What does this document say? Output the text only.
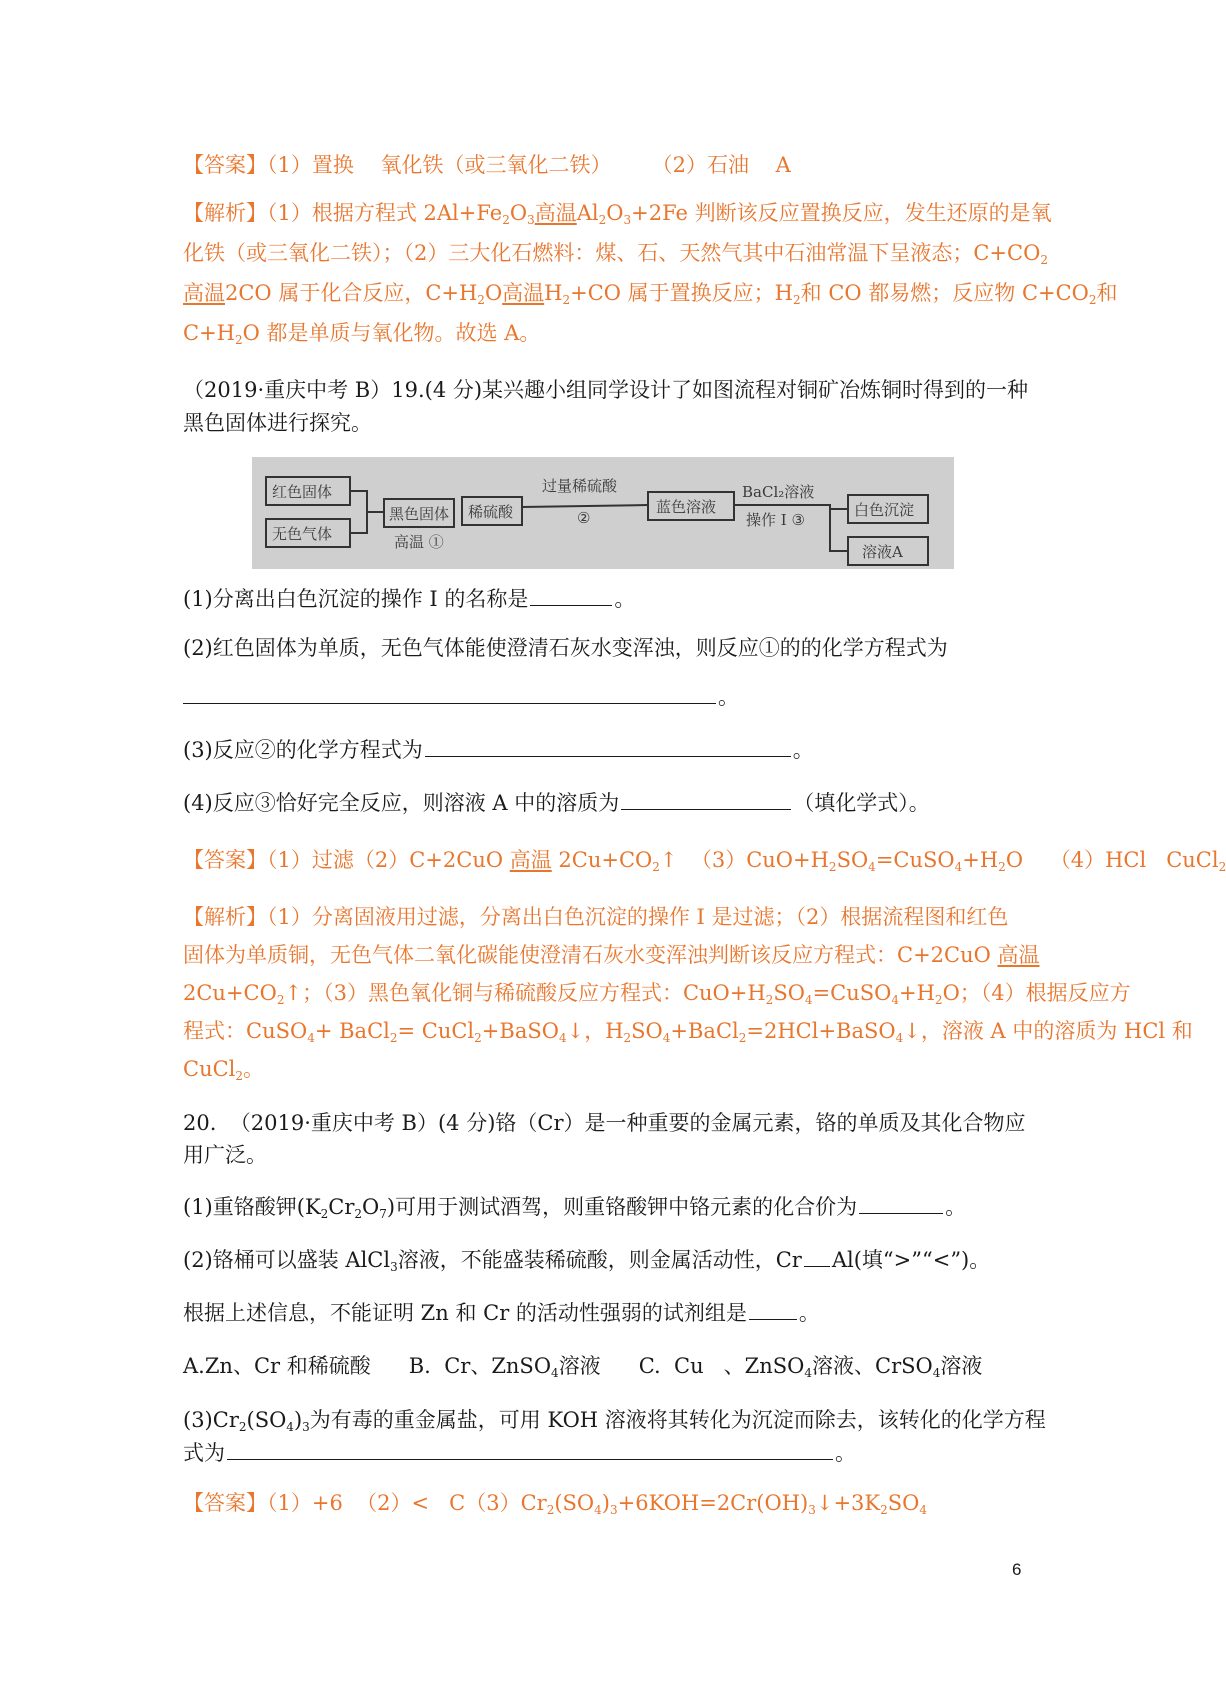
【答案】（1）置换    氧化铁（或三氧化二铁）      （2）石油    A
【解析】（1）根据方程式 $2Al+Fe_2O_3$高温$Al_2O_3+2Fe$ 判断该反应置换反应，发生还原的是氧
化铁（或三氧化二铁）；（2）三大化石燃料：煤、石、天然气其中石油常温下呈液态；$C+CO_2$
高温2CO 属于化合反应，$C+H_2O$高温$H_2+CO$ 属于置换反应；$H_2$和 CO 都易燃；反应物 $C+CO_2$和
$C+H_2O$ 都是单质与氧化物。故选 A。
（2019·重庆中考 B）19.(4 分)某兴趣小组同学设计了如图流程对铜矿冶炼铜时得到的一种
黑色固体进行探究。
红色固体
无色气体
黑色固体
高温 ①
稀硫酸
过量稀硫酸
②
蓝色溶液
BaCl₂溶液
操作 I ③
白色沉淀
溶液A
(1)分离出白色沉淀的操作 I 的名称是	。
(2)红色固体为单质，无色气体能使澄清石灰水变浑浊，则反应①的的化学方程式为
。
(3)反应②的化学方程式为	。
(4)反应③恰好完全反应，则溶液 A 中的溶质为	（填化学式）。
【答案】（1）过滤（2）C+2CuO 高温 $2Cu+CO_2↑$  $(3)CuO+H_2SO_4=CuSO_4+H_2O$    （4）HCl   CuCl$_2$
【解析】（1）分离固液用过滤，分离出白色沉淀的操作 I 是过滤；（2）根据流程图和红色
固体为单质铜，无色气体二氧化碳能使澄清石灰水变浑浊判断该反应方程式：C+2CuO 高温
$2Cu+CO_2↑$；（3）黑色氧化铜与稀硫酸反应方程式：$CuO+H_2SO_4=CuSO_4+H_2O$；（4）根据反应方
程式：CuSO$_4$+ BaCl$_2$= CuCl$_2$+BaSO$_4$↓，$H_2SO_4+BaCl_2=2HCl+BaSO_4↓$，溶液 A 中的溶质为 HCl 和
CuCl$_2$。
20.  （2019·重庆中考 B）(4 分)铬（Cr）是一种重要的金属元素，铬的单质及其化合物应
用广泛。
(1)重铬酸钾$(K_2Cr_2O_7)$可用于测试酒驾，则重铬酸钾中铬元素的化合价为	。
(2)铬桶可以盛装 AlCl$_3$溶液，不能盛装稀硫酸，则金属活动性，Cr Al(填“>”“<”)。
根据上述信息，不能证明 Zn 和 Cr 的活动性强弱的试剂组是 。
A.Zn、Cr 和稀硫酸 B.  Cr、ZnSO$_4$溶液 C.  Cu   、ZnSO$_4$溶液、CrSO$_4$溶液
$(3)Cr_2(SO_4)_3$为有毒的重金属盐，可用 KOH 溶液将其转化为沉淀而除去，该转化的化学方程
式为	。
【答案】（1）+6  $(2)< C(3)Cr_2(SO_4)_3+6KOH=2Cr(OH)_3↓+3K_2SO_4$
6
